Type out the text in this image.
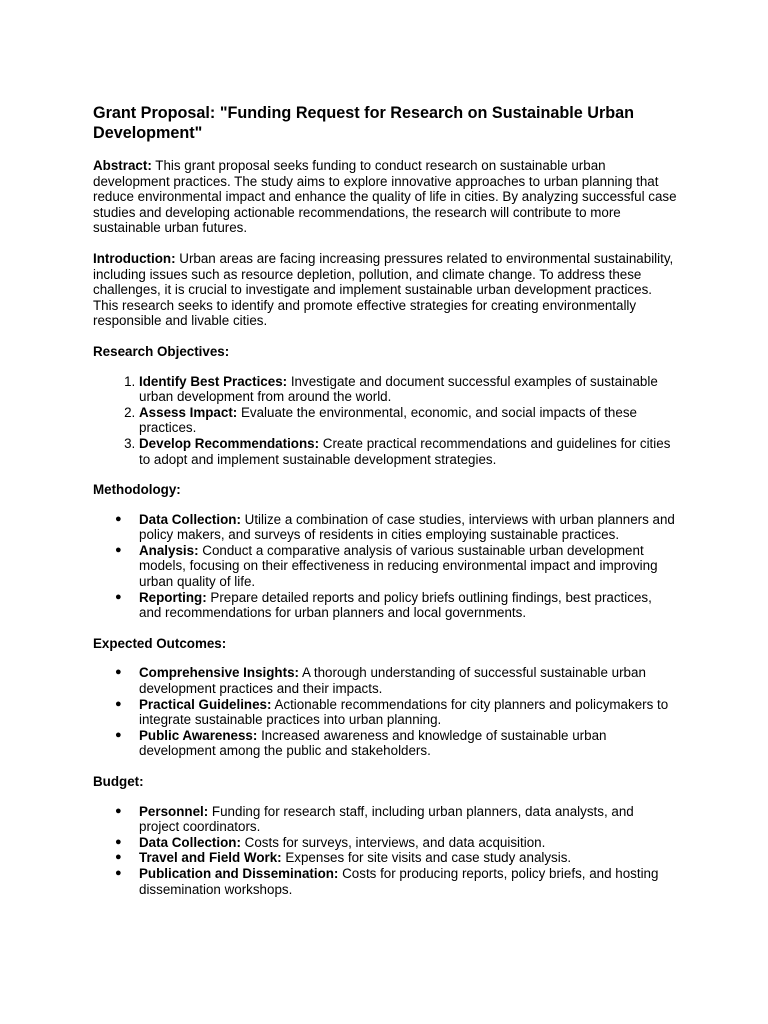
Grant Proposal: "Funding Request for Research on Sustainable Urban Development"

Abstract: This grant proposal seeks funding to conduct research on sustainable urban development practices. The study aims to explore innovative approaches to urban planning that reduce environmental impact and enhance the quality of life in cities. By analyzing successful case studies and developing actionable recommendations, the research will contribute to more sustainable urban futures.

Introduction: Urban areas are facing increasing pressures related to environmental sustainability, including issues such as resource depletion, pollution, and climate change. To address these challenges, it is crucial to investigate and implement sustainable urban development practices. This research seeks to identify and promote effective strategies for creating environmentally responsible and livable cities.

Research Objectives:
1. Identify Best Practices: Investigate and document successful examples of sustainable urban development from around the world.
2. Assess Impact: Evaluate the environmental, economic, and social impacts of these practices.
3. Develop Recommendations: Create practical recommendations and guidelines for cities to adopt and implement sustainable development strategies.
Methodology:
● Data Collection: Utilize a combination of case studies, interviews with urban planners and policy makers, and surveys of residents in cities employing sustainable practices.
● Analysis: Conduct a comparative analysis of various sustainable urban development models, focusing on their effectiveness in reducing environmental impact and improving urban quality of life.
● Reporting: Prepare detailed reports and policy briefs outlining findings, best practices, and recommendations for urban planners and local governments.
Expected Outcomes:
● Comprehensive Insights: A thorough understanding of successful sustainable urban development practices and their impacts.
● Practical Guidelines: Actionable recommendations for city planners and policymakers to integrate sustainable practices into urban planning.
● Public Awareness: Increased awareness and knowledge of sustainable urban development among the public and stakeholders.
Budget:
● Personnel: Funding for research staff, including urban planners, data analysts, and project coordinators.
● Data Collection: Costs for surveys, interviews, and data acquisition.
● Travel and Field Work: Expenses for site visits and case study analysis.
● Publication and Dissemination: Costs for producing reports, policy briefs, and hosting dissemination workshops.
